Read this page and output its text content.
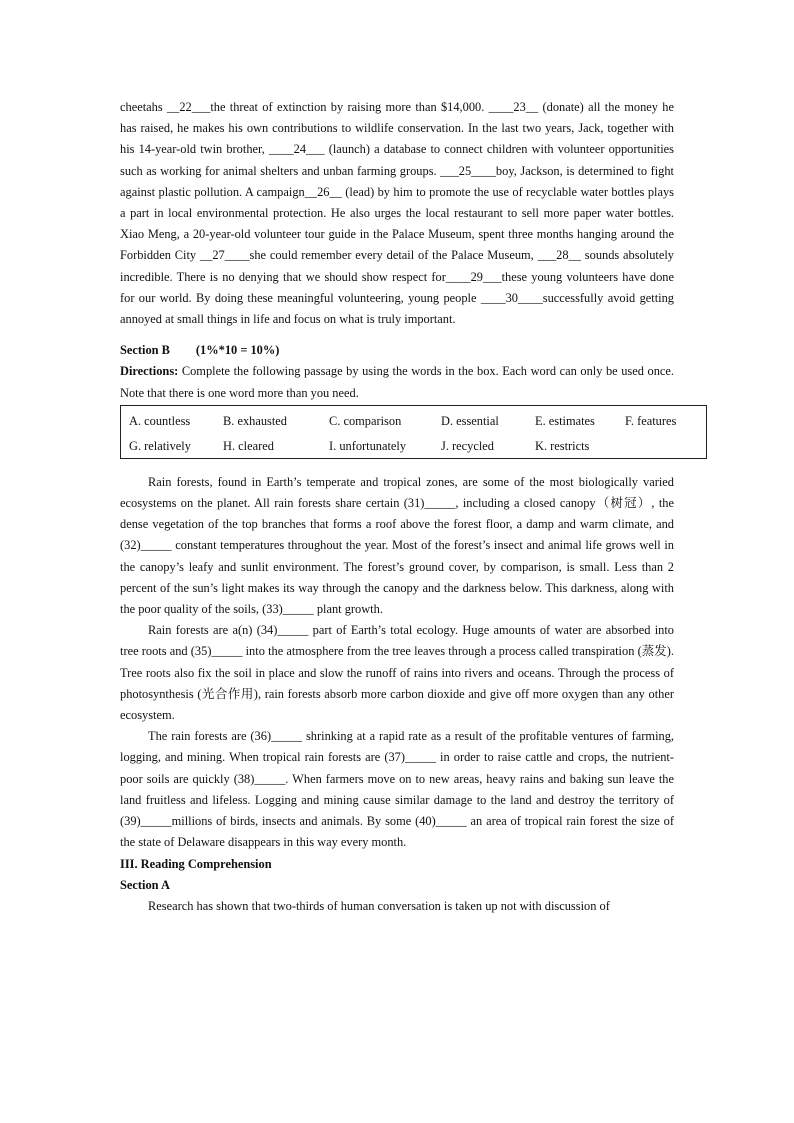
cheetahs __22___the threat of extinction by raising more than $14,000. ____23__ (donate) all the money he has raised, he makes his own contributions to wildlife conservation. In the last two years, Jack, together with his 14-year-old twin brother, ____24___ (launch) a database to connect children with volunteer opportunities such as working for animal shelters and unban farming groups. ___25____boy, Jackson, is determined to fight against plastic pollution. A campaign__26__ (lead) by him to promote the use of recyclable water bottles plays a part in local environmental protection. He also urges the local restaurant to sell more paper water bottles. Xiao Meng, a 20-year-old volunteer tour guide in the Palace Museum, spent three months hanging around the Forbidden City __27____she could remember every detail of the Palace Museum, ___28__ sounds absolutely incredible. There is no denying that we should show respect for____29___these young volunteers have done for our world. By doing these meaningful volunteering, young people ____30____successfully avoid getting annoyed at small things in life and focus on what is truly important.

Section B (1%*10 = 10%)

Directions: Complete the following passage by using the words in the box. Each word can only be used once. Note that there is one word more than you need.

A. countless	B. exhausted	C. comparison	D. essential	E. estimates	F. features
G. relatively	H. cleared	I. unfortunately	J. recycled	K. restricts	

Rain forests, found in Earth’s temperate and tropical zones, are some of the most biologically varied ecosystems on the planet. All rain forests share certain (31)_____, including a closed canopy（树冠）, the dense vegetation of the top branches that forms a roof above the forest floor, a damp and warm climate, and (32)_____ constant temperatures throughout the year. Most of the forest’s insect and animal life grows well in the canopy’s leafy and sunlit environment. The forest’s ground cover, by comparison, is small. Less than 2 percent of the sun’s light makes its way through the canopy and the darkness below. This darkness, along with the poor quality of the soils, (33)_____ plant growth.

Rain forests are a(n) (34)_____ part of Earth’s total ecology. Huge amounts of water are absorbed into tree roots and (35)_____ into the atmosphere from the tree leaves through a process called transpiration (蒸发). Tree roots also fix the soil in place and slow the runoff of rains into rivers and oceans. Through the process of photosynthesis (光合作用), rain forests absorb more carbon dioxide and give off more oxygen than any other ecosystem.

The rain forests are (36)_____ shrinking at a rapid rate as a result of the profitable ventures of farming, logging, and mining. When tropical rain forests are (37)_____ in order to raise cattle and crops, the nutrient-poor soils are quickly (38)_____. When farmers move on to new areas, heavy rains and baking sun leave the land fruitless and lifeless. Logging and mining cause similar damage to the land and destroy the territory of (39)_____millions of birds, insects and animals. By some (40)_____ an area of tropical rain forest the size of the state of Delaware disappears in this way every month.

III. Reading Comprehension
Section A

Research has shown that two-thirds of human conversation is taken up not with discussion of
